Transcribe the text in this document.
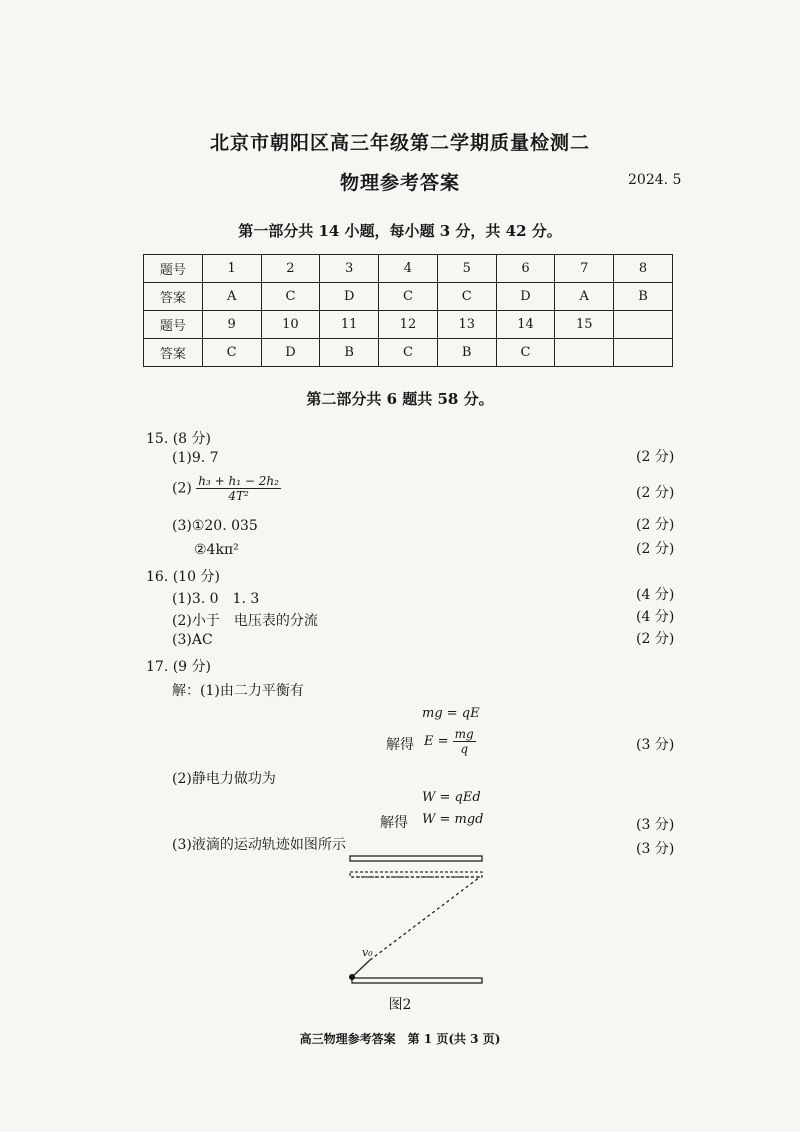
北京市朝阳区高三年级第二学期质量检测二
物理参考答案	2024. 5
第一部分共 14 小题，每小题 3 分，共 42 分。
题号	1	2	3	4	5	6	7	8
答案	A	C	D	C	C	D	A	B
题号	9	10	11	12	13	14	15	
答案	C	D	B	C	B	C		
第二部分共 6 题共 58 分。
15. (8 分)
(1)9. 7	(2 分)
$(2) \frac{\text{h₃ + h₁ − 2h₂}}{\text{4T²}}$	(2 分)
(3)①20. 035	(2 分)
②4kπ²	(2 分)
16. (10 分)
(1)3. 0　1. 3	(4 分)
(2)小于　电压表的分流	(4 分)
(3)AC	(2 分)
17. (9 分)
解：(1)由二力平衡有
mg = qE
解得 $E = \frac{mg}{q}$	(3 分)
(2)静电力做功为
W = qEd
解得 W = mgd	(3 分)
(3)液滴的运动轨迹如图所示	(3 分)
v₀
图2
高三物理参考答案　第 1 页(共 3 页)
